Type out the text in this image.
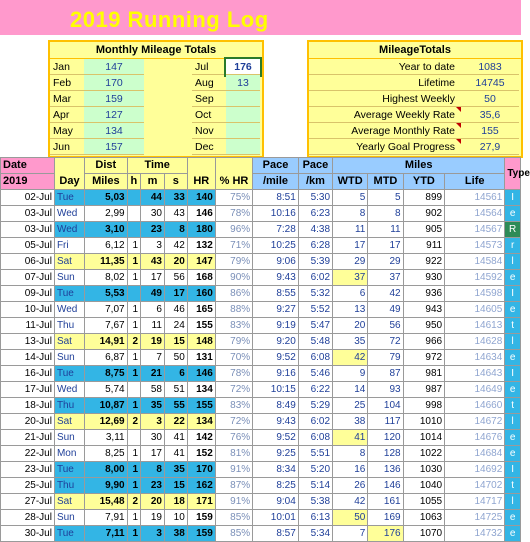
2019 Running Log
Monthly Mileage Totals
Jan	147	Jul	176
Feb	170	Aug	13
Mar	159	Sep
Apr	127	Oct
May	134	Nov
Jun	157	Dec
MileageTotals
Year to date	1083
Lifetime	14745
Highest Weekly	50
Average Weekly Rate	35,6
Average Monthly Rate	155
Yearly Goal Progress	27,9
Date	Day	Dist	Time			HR	% HR	Pace	Pace	Miles				Type
2019		Miles	h	m	s			/mile	/km	WTD	MTD	YTD	Life	
02-Jul	Tue	5,03		44	33	140	75%	8:51	5:30	5	5	899	14561	I
03-Jul	Wed	2,99		30	43	146	78%	10:16	6:23	8	8	902	14564	e
03-Jul	Wed	3,10		23	8	180	96%	7:28	4:38	11	11	905	14567	R
05-Jul	Fri	6,12	1	3	42	132	71%	10:25	6:28	17	17	911	14573	r
06-Jul	Sat	11,35	1	43	20	147	79%	9:06	5:39	29	29	922	14584	l
07-Jul	Sun	8,02	1	17	56	168	90%	9:43	6:02	37	37	930	14592	e
09-Jul	Tue	5,53		49	17	160	86%	8:55	5:32	6	42	936	14598	I
10-Jul	Wed	7,07	1	6	46	165	88%	9:27	5:52	13	49	943	14605	e
11-Jul	Thu	7,67	1	11	24	155	83%	9:19	5:47	20	56	950	14613	t
13-Jul	Sat	14,91	2	19	15	148	79%	9:20	5:48	35	72	966	14628	l
14-Jul	Sun	6,87	1	7	50	131	70%	9:52	6:08	42	79	972	14634	e
16-Jul	Tue	8,75	1	21	6	146	78%	9:16	5:46	9	87	981	14643	I
17-Jul	Wed	5,74		58	51	134	72%	10:15	6:22	14	93	987	14649	e
18-Jul	Thu	10,87	1	35	55	155	83%	8:49	5:29	25	104	998	14660	t
20-Jul	Sat	12,69	2	3	22	134	72%	9:43	6:02	38	117	1010	14672	l
21-Jul	Sun	3,11		30	41	142	76%	9:52	6:08	41	120	1014	14676	e
22-Jul	Mon	8,25	1	17	41	152	81%	9:25	5:51	8	128	1022	14684	e
23-Jul	Tue	8,00	1	8	35	170	91%	8:34	5:20	16	136	1030	14692	I
25-Jul	Thu	9,90	1	23	15	162	87%	8:25	5:14	26	146	1040	14702	t
27-Jul	Sat	15,48	2	20	18	171	91%	9:04	5:38	42	161	1055	14717	l
28-Jul	Sun	7,91	1	19	10	159	85%	10:01	6:13	50	169	1063	14725	e
30-Jul	Tue	7,11	1	3	38	159	85%	8:57	5:34	7	176	1070	14732	e
